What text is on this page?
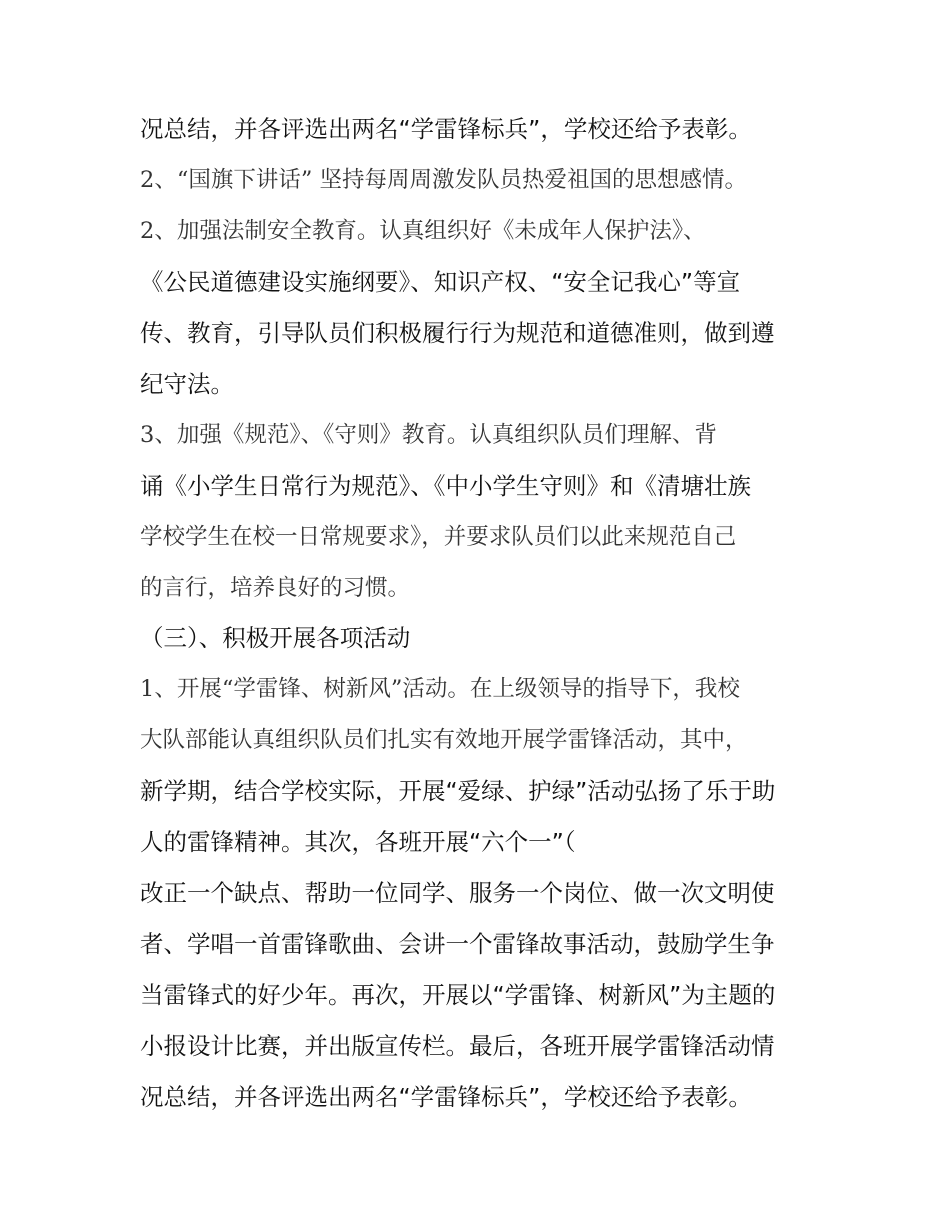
况总结，并各评选出两名“学雷锋标兵”，学校还给予表彰。
2、“国旗下讲话” 坚持每周周激发队员热爱祖国的思想感情。
2、加强法制安全教育。认真组织好《未成年人保护法》、
《公民道德建设实施纲要》、知识产权、“安全记我心”等宣
传、教育，引导队员们积极履行行为规范和道德准则，做到遵
纪守法。
3、加强《规范》、《守则》教育。认真组织队员们理解、背
诵《小学生日常行为规范》、《中小学生守则》和《清塘壮族
学校学生在校一日常规要求》，并要求队员们以此来规范自己
的言行，培养良好的习惯。
（三）、积极开展各项活动
1、开展“学雷锋、树新风”活动。在上级领导的指导下，我校
大队部能认真组织队员们扎实有效地开展学雷锋活动，其中，
新学期，结合学校实际，开展“爱绿、护绿”活动弘扬了乐于助
人的雷锋精神。其次，各班开展“六个一”（
改正一个缺点、帮助一位同学、服务一个岗位、做一次文明使
者、学唱一首雷锋歌曲、会讲一个雷锋故事活动，鼓励学生争
当雷锋式的好少年。再次，开展以“学雷锋、树新风”为主题的
小报设计比赛，并出版宣传栏。最后，各班开展学雷锋活动情
况总结，并各评选出两名“学雷锋标兵”，学校还给予表彰。
